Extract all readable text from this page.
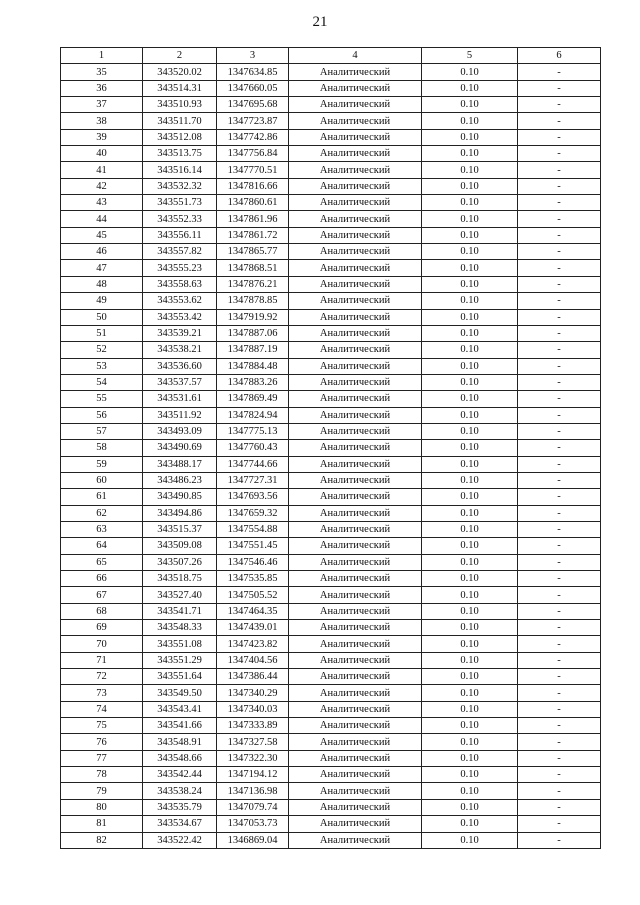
21
1	2	3	4	5	6
35	343520.02	1347634.85	Аналитический	0.10	-
36	343514.31	1347660.05	Аналитический	0.10	-
37	343510.93	1347695.68	Аналитический	0.10	-
38	343511.70	1347723.87	Аналитический	0.10	-
39	343512.08	1347742.86	Аналитический	0.10	-
40	343513.75	1347756.84	Аналитический	0.10	-
41	343516.14	1347770.51	Аналитический	0.10	-
42	343532.32	1347816.66	Аналитический	0.10	-
43	343551.73	1347860.61	Аналитический	0.10	-
44	343552.33	1347861.96	Аналитический	0.10	-
45	343556.11	1347861.72	Аналитический	0.10	-
46	343557.82	1347865.77	Аналитический	0.10	-
47	343555.23	1347868.51	Аналитический	0.10	-
48	343558.63	1347876.21	Аналитический	0.10	-
49	343553.62	1347878.85	Аналитический	0.10	-
50	343553.42	1347919.92	Аналитический	0.10	-
51	343539.21	1347887.06	Аналитический	0.10	-
52	343538.21	1347887.19	Аналитический	0.10	-
53	343536.60	1347884.48	Аналитический	0.10	-
54	343537.57	1347883.26	Аналитический	0.10	-
55	343531.61	1347869.49	Аналитический	0.10	-
56	343511.92	1347824.94	Аналитический	0.10	-
57	343493.09	1347775.13	Аналитический	0.10	-
58	343490.69	1347760.43	Аналитический	0.10	-
59	343488.17	1347744.66	Аналитический	0.10	-
60	343486.23	1347727.31	Аналитический	0.10	-
61	343490.85	1347693.56	Аналитический	0.10	-
62	343494.86	1347659.32	Аналитический	0.10	-
63	343515.37	1347554.88	Аналитический	0.10	-
64	343509.08	1347551.45	Аналитический	0.10	-
65	343507.26	1347546.46	Аналитический	0.10	-
66	343518.75	1347535.85	Аналитический	0.10	-
67	343527.40	1347505.52	Аналитический	0.10	-
68	343541.71	1347464.35	Аналитический	0.10	-
69	343548.33	1347439.01	Аналитический	0.10	-
70	343551.08	1347423.82	Аналитический	0.10	-
71	343551.29	1347404.56	Аналитический	0.10	-
72	343551.64	1347386.44	Аналитический	0.10	-
73	343549.50	1347340.29	Аналитический	0.10	-
74	343543.41	1347340.03	Аналитический	0.10	-
75	343541.66	1347333.89	Аналитический	0.10	-
76	343548.91	1347327.58	Аналитический	0.10	-
77	343548.66	1347322.30	Аналитический	0.10	-
78	343542.44	1347194.12	Аналитический	0.10	-
79	343538.24	1347136.98	Аналитический	0.10	-
80	343535.79	1347079.74	Аналитический	0.10	-
81	343534.67	1347053.73	Аналитический	0.10	-
82	343522.42	1346869.04	Аналитический	0.10	-
